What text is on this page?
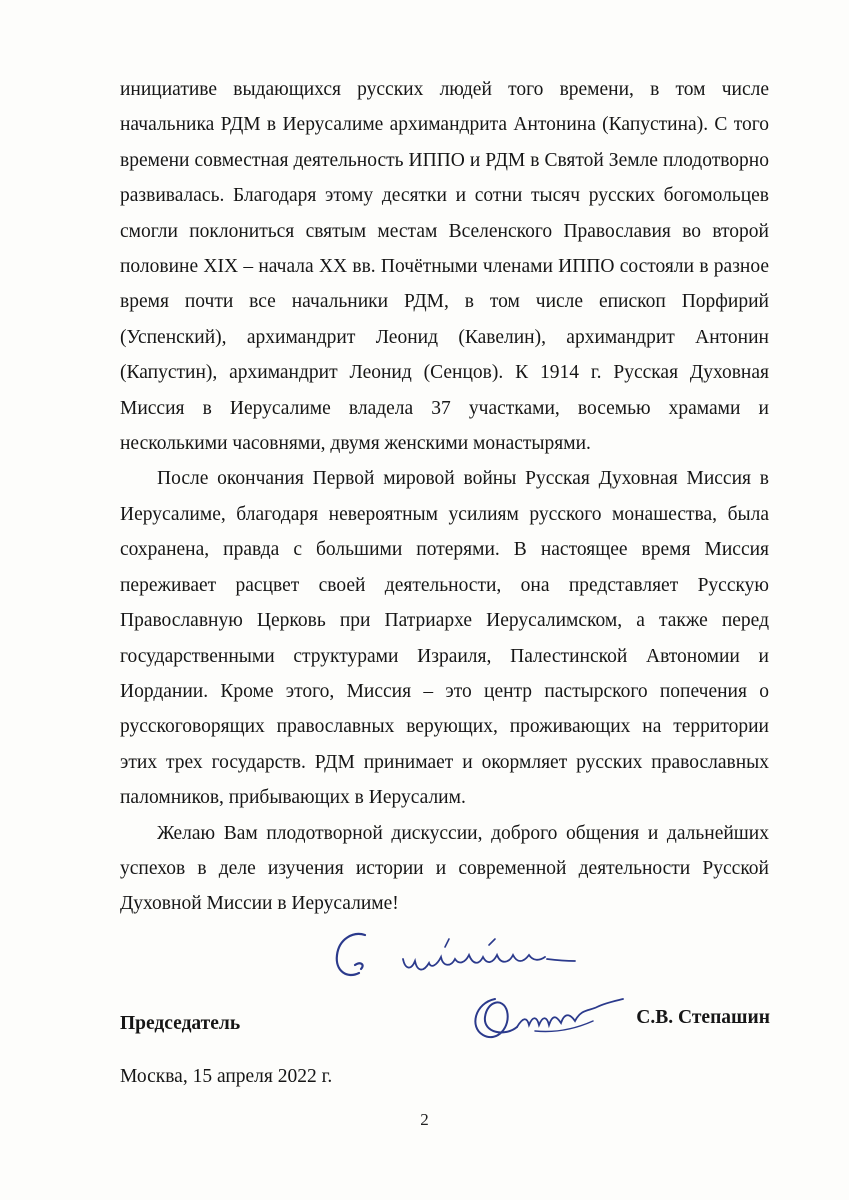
инициативе выдающихся русских людей того времени, в том числе начальника РДМ в Иерусалиме архимандрита Антонина (Капустина). С того времени совместная деятельность ИППО и РДМ в Святой Земле плодотворно развивалась. Благодаря этому десятки и сотни тысяч русских богомольцев смогли поклониться святым местам Вселенского Православия во второй половине XIX – начала XX вв. Почётными членами ИППО состояли в разное время почти все начальники РДМ, в том числе епископ Порфирий (Успенский), архимандрит Леонид (Кавелин), архимандрит Антонин (Капустин), архимандрит Леонид (Сенцов). К 1914 г. Русская Духовная Миссия в Иерусалиме владела 37 участками, восемью храмами и несколькими часовнями, двумя женскими монастырями.

После окончания Первой мировой войны Русская Духовная Миссия в Иерусалиме, благодаря невероятным усилиям русского монашества, была сохранена, правда с большими потерями. В настоящее время Миссия переживает расцвет своей деятельности, она представляет Русскую Православную Церковь при Патриархе Иерусалимском, а также перед государственными структурами Израиля, Палестинской Автономии и Иордании. Кроме этого, Миссия – это центр пастырского попечения о русскоговорящих православных верующих, проживающих на территории этих трех государств. РДМ принимает и окормляет русских православных паломников, прибывающих в Иерусалим.

Желаю Вам плодотворной дискуссии, доброго общения и дальнейших успехов в деле изучения истории и современной деятельности Русской Духовной Миссии в Иерусалиме!

Председатель	С.В. Степашин
Москва, 15 апреля 2022 г.
2
